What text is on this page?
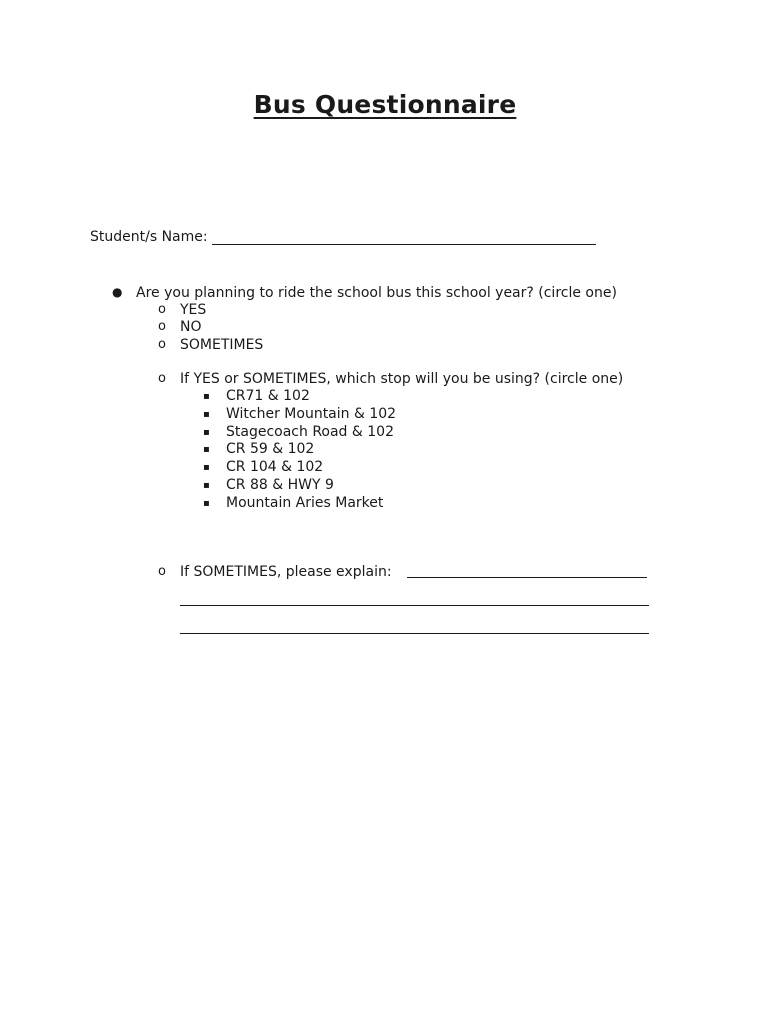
Bus Questionnaire
Student/s Name:
● Are you planning to ride the school bus this school year? (circle one)
o YES
o NO
o SOMETIMES
o If YES or SOMETIMES, which stop will you be using? (circle one)
▪ CR71 & 102
▪ Witcher Mountain & 102
▪ Stagecoach Road & 102
▪ CR 59 & 102
▪ CR 104 & 102
▪ CR 88 & HWY 9
▪ Mountain Aries Market
o If SOMETIMES, please explain:
